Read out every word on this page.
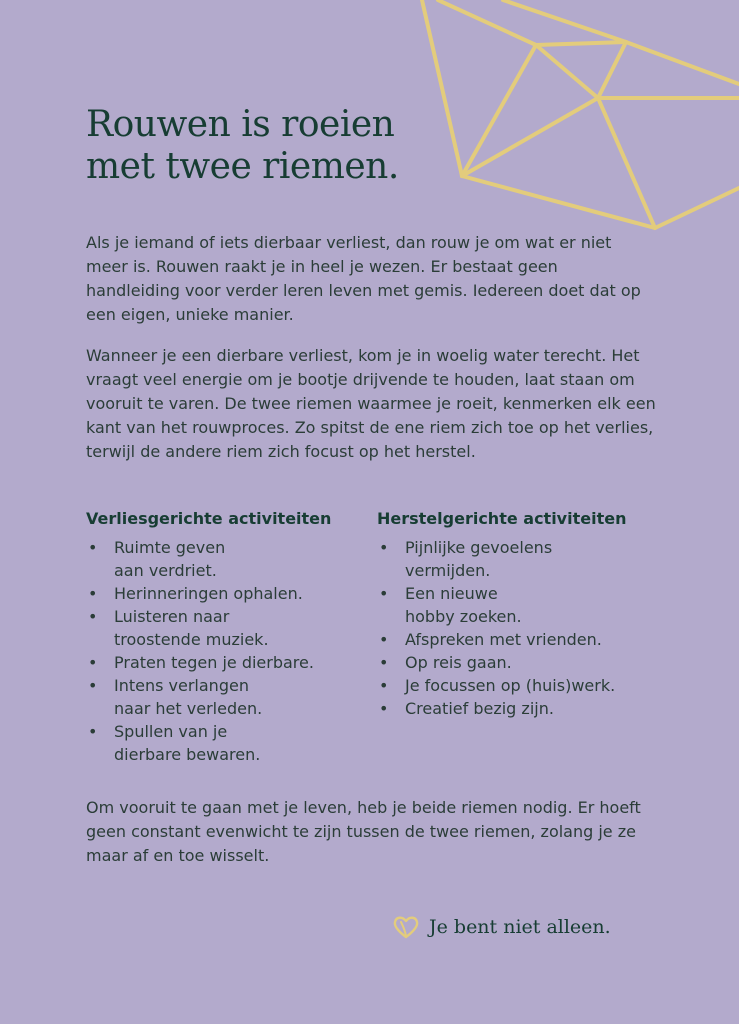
Rouwen is roeien
met twee riemen.

Als je iemand of iets dierbaar verliest, dan rouw je om wat er niet meer is. Rouwen raakt je in heel je wezen. Er bestaat geen handleiding voor verder leren leven met gemis. Iedereen doet dat op een eigen, unieke manier.

Wanneer je een dierbare verliest, kom je in woelig water terecht. Het vraagt veel energie om je bootje drijvende te houden, laat staan om vooruit te varen. De twee riemen waarmee je roeit, kenmerken elk een kant van het rouwproces. Zo spitst de ene riem zich toe op het verlies, terwijl de andere riem zich focust op het herstel.

Verliesgerichte activiteiten
• Ruimte geven
aan verdriet.
• Herinneringen ophalen.
• Luisteren naar
troostende muziek.
• Praten tegen je dierbare.
• Intens verlangen
naar het verleden.
• Spullen van je
dierbare bewaren.
Herstelgerichte activiteiten
• Pijnlijke gevoelens
vermijden.
• Een nieuwe
hobby zoeken.
• Afspreken met vrienden.
• Op reis gaan.
• Je focussen op (huis)werk.
• Creatief bezig zijn.

Om vooruit te gaan met je leven, heb je beide riemen nodig. Er hoeft geen constant evenwicht te zijn tussen de twee riemen, zolang je ze maar af en toe wisselt.

Je bent niet alleen.
